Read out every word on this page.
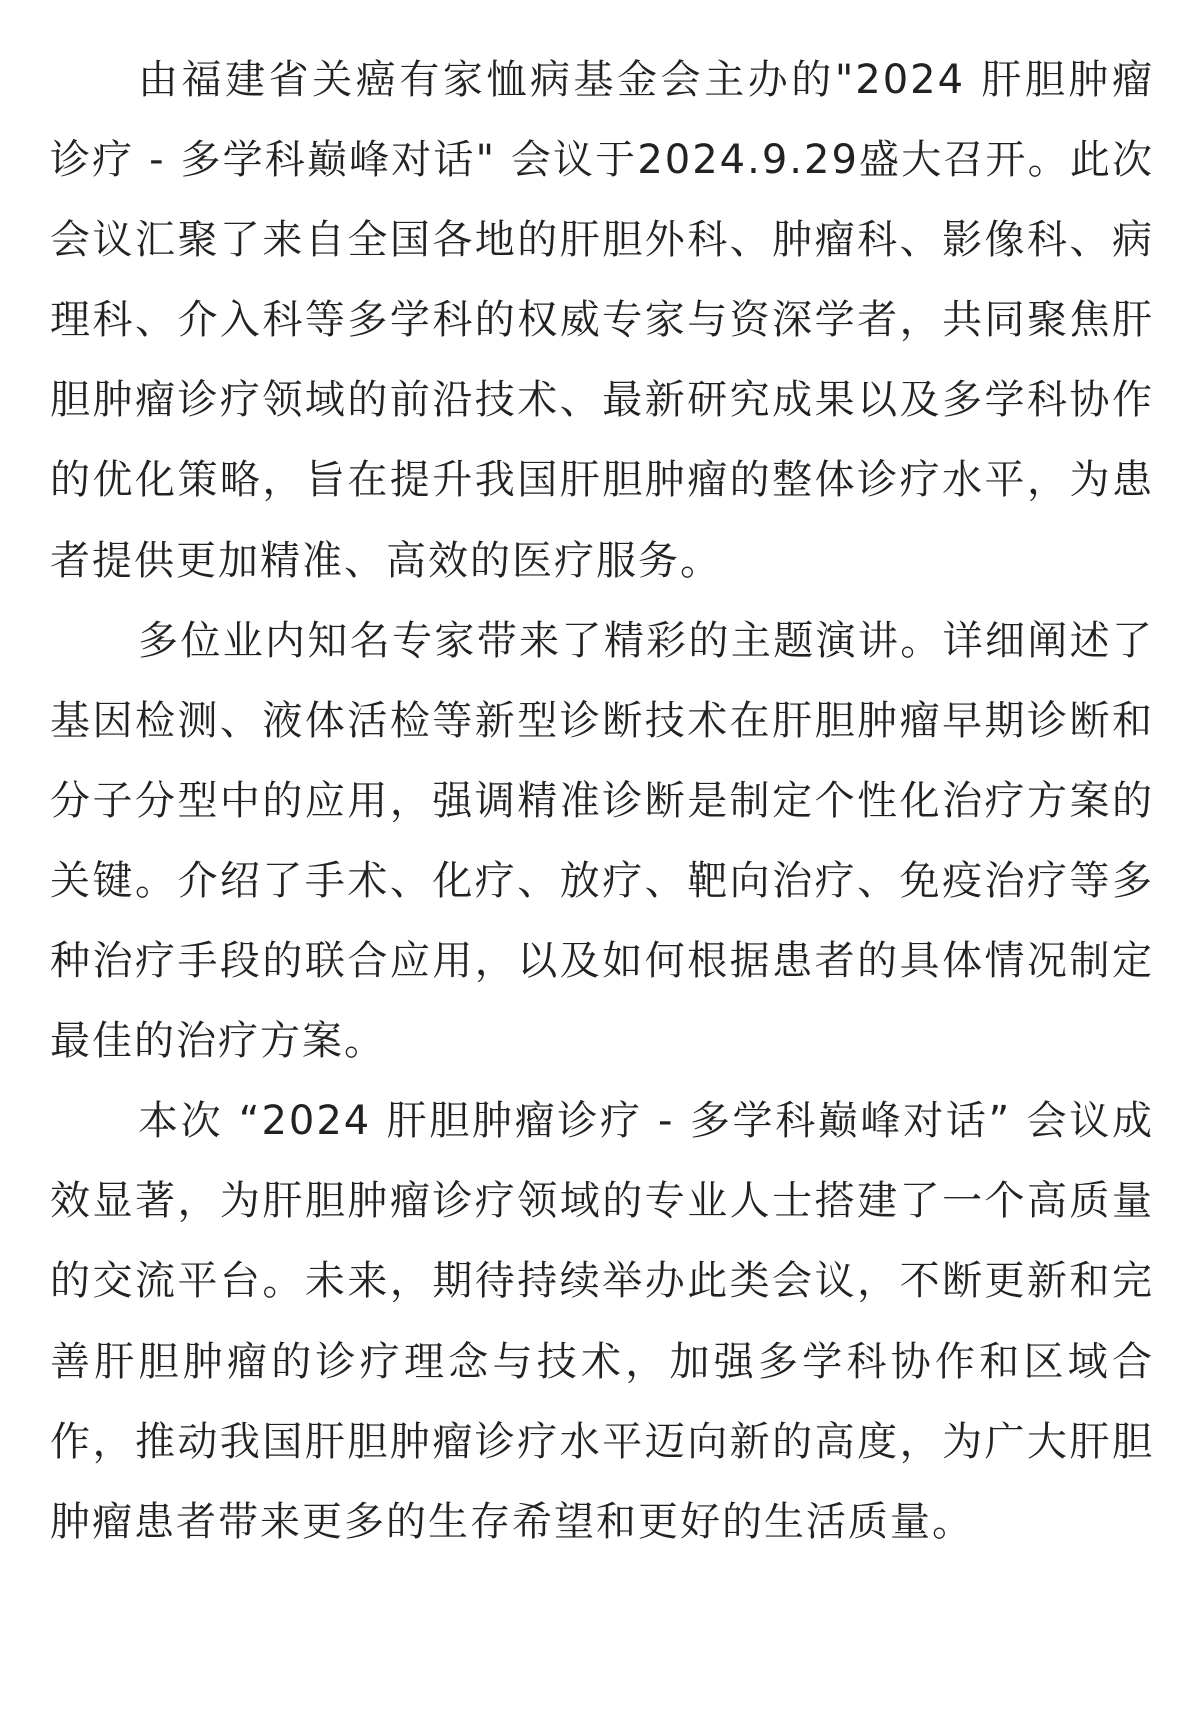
由福建省关癌有家恤病基金会主办的"2024 肝胆肿瘤诊疗 - 多学科巅峰对话" 会议于2024.9.29盛大召开。此次会议汇聚了来自全国各地的肝胆外科、肿瘤科、影像科、病理科、介入科等多学科的权威专家与资深学者，共同聚焦肝胆肿瘤诊疗领域的前沿技术、最新研究成果以及多学科协作的优化策略，旨在提升我国肝胆肿瘤的整体诊疗水平，为患者提供更加精准、高效的医疗服务。

多位业内知名专家带来了精彩的主题演讲。详细阐述了基因检测、液体活检等新型诊断技术在肝胆肿瘤早期诊断和分子分型中的应用，强调精准诊断是制定个性化治疗方案的关键。介绍了手术、化疗、放疗、靶向治疗、免疫治疗等多种治疗手段的联合应用，以及如何根据患者的具体情况制定最佳的治疗方案。

本次 “2024 肝胆肿瘤诊疗 - 多学科巅峰对话” 会议成效显著，为肝胆肿瘤诊疗领域的专业人士搭建了一个高质量的交流平台。未来，期待持续举办此类会议，不断更新和完善肝胆肿瘤的诊疗理念与技术，加强多学科协作和区域合作，推动我国肝胆肿瘤诊疗水平迈向新的高度，为广大肝胆肿瘤患者带来更多的生存希望和更好的生活质量。
